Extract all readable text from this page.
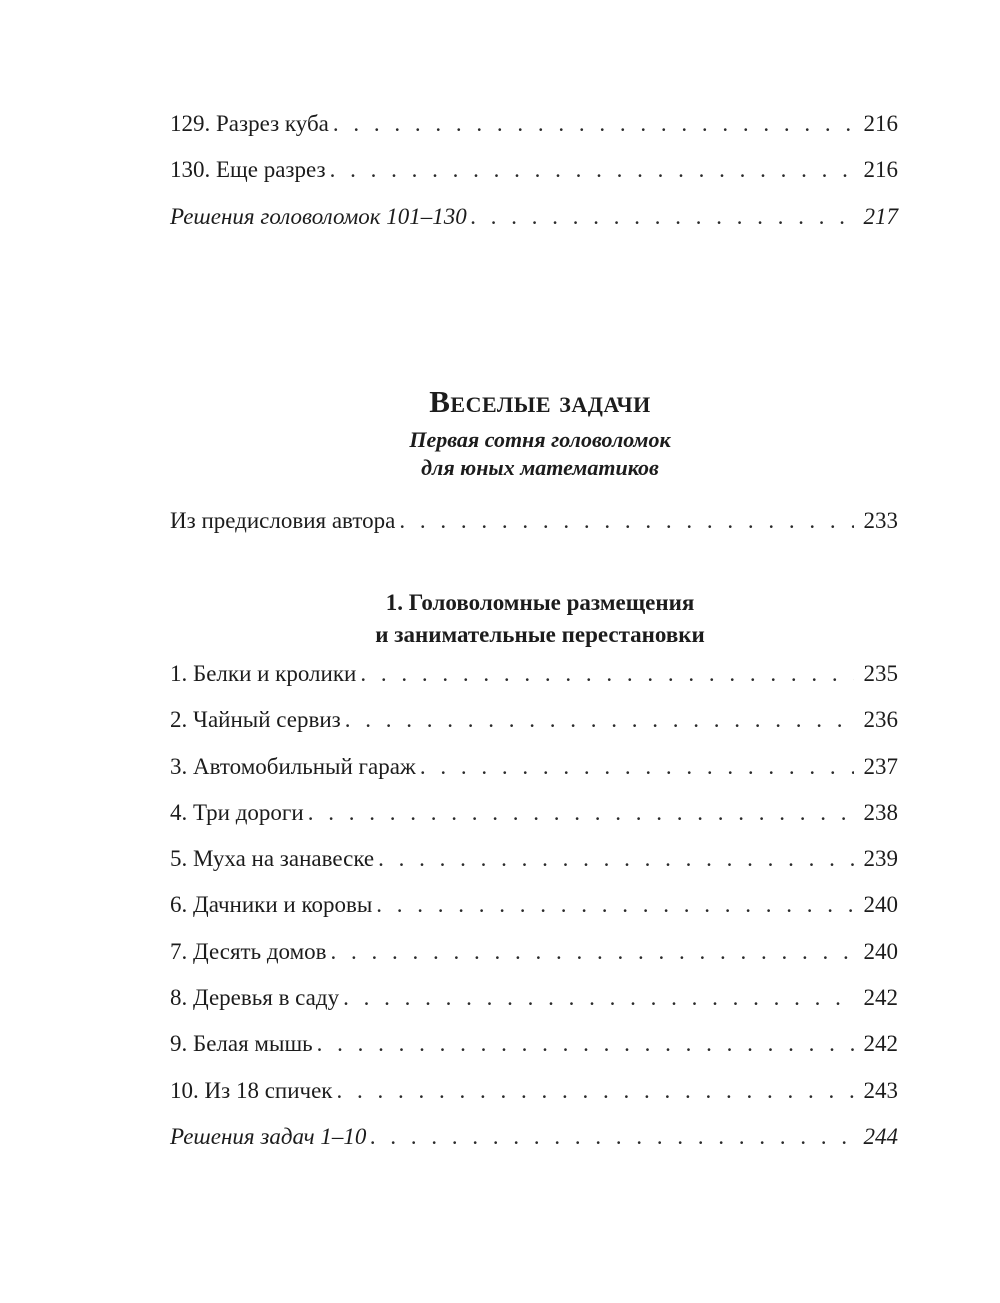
129. Разрез куба . . .	216
130. Еще разрез . . .	216
Решения головоломок 101–130 . . .	217
Веселые задачи
Первая сотня головоломок
для юных математиков
Из предисловия автора . . .	233
1. Головоломные размещения
и занимательные перестановки
1. Белки и кролики . . .	235
2. Чайный сервиз . . .	236
3. Автомобильный гараж . . .	237
4. Три дороги . . .	238
5. Муха на занавеске . . .	239
6. Дачники и коровы . . .	240
7. Десять домов . . .	240
8. Деревья в саду . . .	242
9. Белая мышь . . .	242
10. Из 18 спичек . . .	243
Решения задач 1–10 . . .	244
